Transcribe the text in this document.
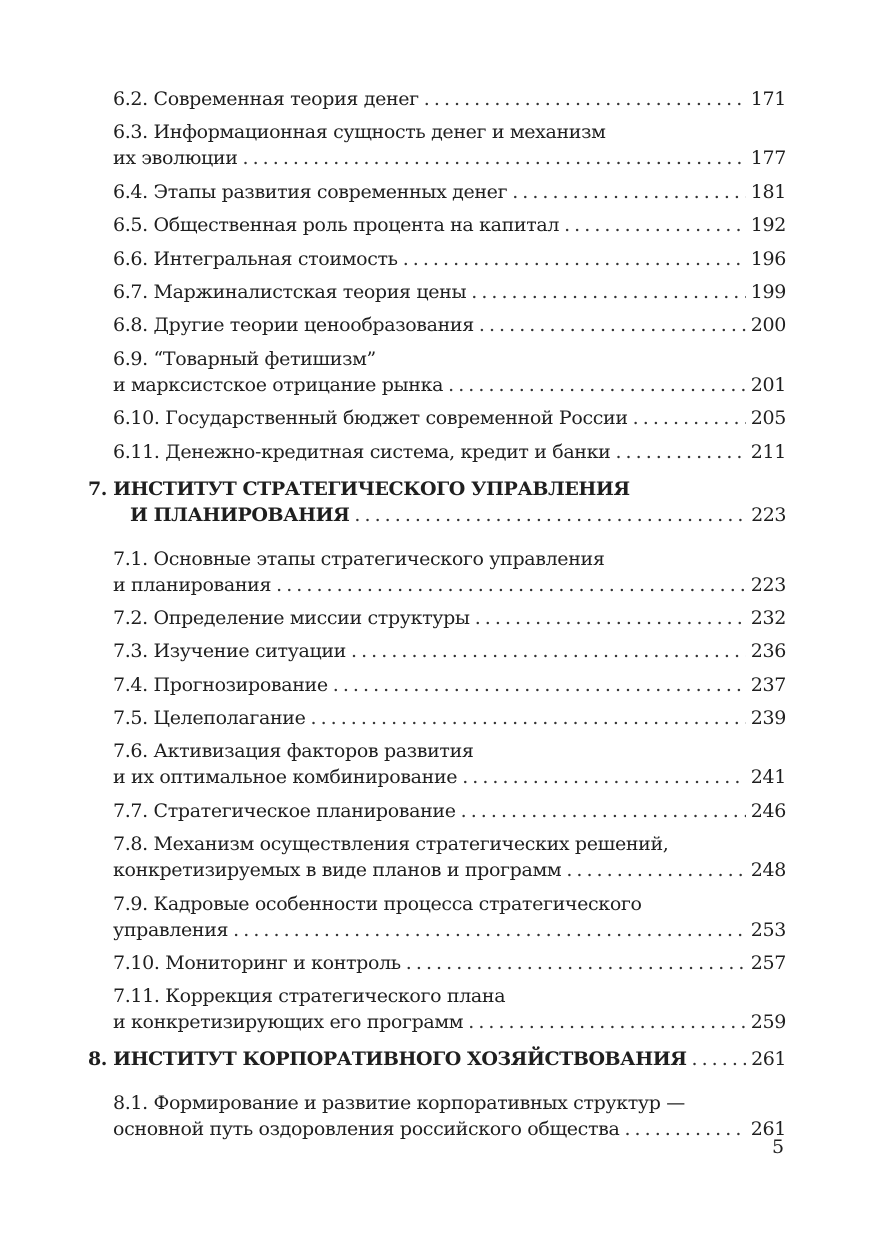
6.2. Современная теория денег . . .	171
6.3. Информационная сущность денег и механизм
их эволюции . . .	177
6.4. Этапы развития современных денег . . .	181
6.5. Общественная роль процента на капитал . . .	192
6.6. Интегральная стоимость . . .	196
6.7. Маржиналистская теория цены . . .	199
6.8. Другие теории ценообразования . . .	200
6.9. “Товарный фетишизм”
и марксистское отрицание рынка . . .	201
6.10. Государственный бюджет современной России . . .	205
6.11. Денежно-кредитная система, кредит и банки . . .	211
7. ИНСТИТУТ СТРАТЕГИЧЕСКОГО УПРАВЛЕНИЯ
И ПЛАНИРОВАНИЯ . . .	223
7.1. Основные этапы стратегического управления
и планирования . . .	223
7.2. Определение миссии структуры . . .	232
7.3. Изучение ситуации . . .	236
7.4. Прогнозирование . . .	237
7.5. Целеполагание . . .	239
7.6. Активизация факторов развития
и их оптимальное комбинирование . . .	241
7.7. Стратегическое планирование . . .	246
7.8. Механизм осуществления стратегических решений,
конкретизируемых в виде планов и программ . . .	248
7.9. Кадровые особенности процесса стратегического
управления . . .	253
7.10. Мониторинг и контроль . . .	257
7.11. Коррекция стратегического плана
и конкретизирующих его программ . . .	259
8. ИНСТИТУТ КОРПОРАТИВНОГО ХОЗЯЙСТВОВАНИЯ . . .	261
8.1. Формирование и развитие корпоративных структур —
основной путь оздоровления российского общества . . .	261
5
